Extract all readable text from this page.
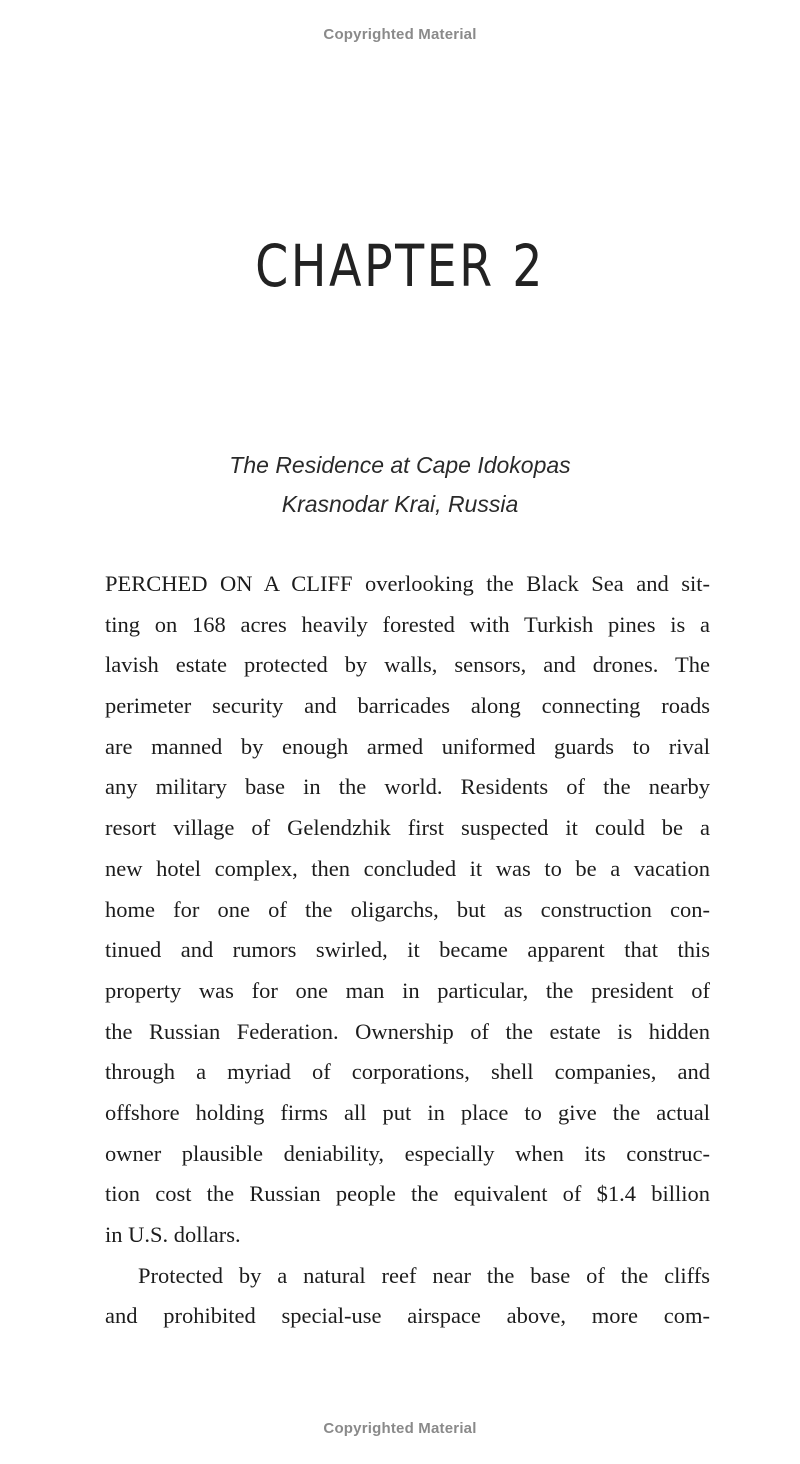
Copyrighted Material
CHAPTER 2
The Residence at Cape Idokopas
Krasnodar Krai, Russia
PERCHED ON A CLIFF overlooking the Black Sea and sit-
ting on 168 acres heavily forested with Turkish pines is a
lavish estate protected by walls, sensors, and drones. The
perimeter security and barricades along connecting roads
are manned by enough armed uniformed guards to rival
any military base in the world. Residents of the nearby
resort village of Gelendzhik first suspected it could be a
new hotel complex, then concluded it was to be a vacation
home for one of the oligarchs, but as construction con-
tinued and rumors swirled, it became apparent that this
property was for one man in particular, the president of
the Russian Federation. Ownership of the estate is hidden
through a myriad of corporations, shell companies, and
offshore holding firms all put in place to give the actual
owner plausible deniability, especially when its construc-
tion cost the Russian people the equivalent of $1.4 billion
in U.S. dollars.
Protected by a natural reef near the base of the cliffs
and prohibited special-use airspace above, more com-
Copyrighted Material
